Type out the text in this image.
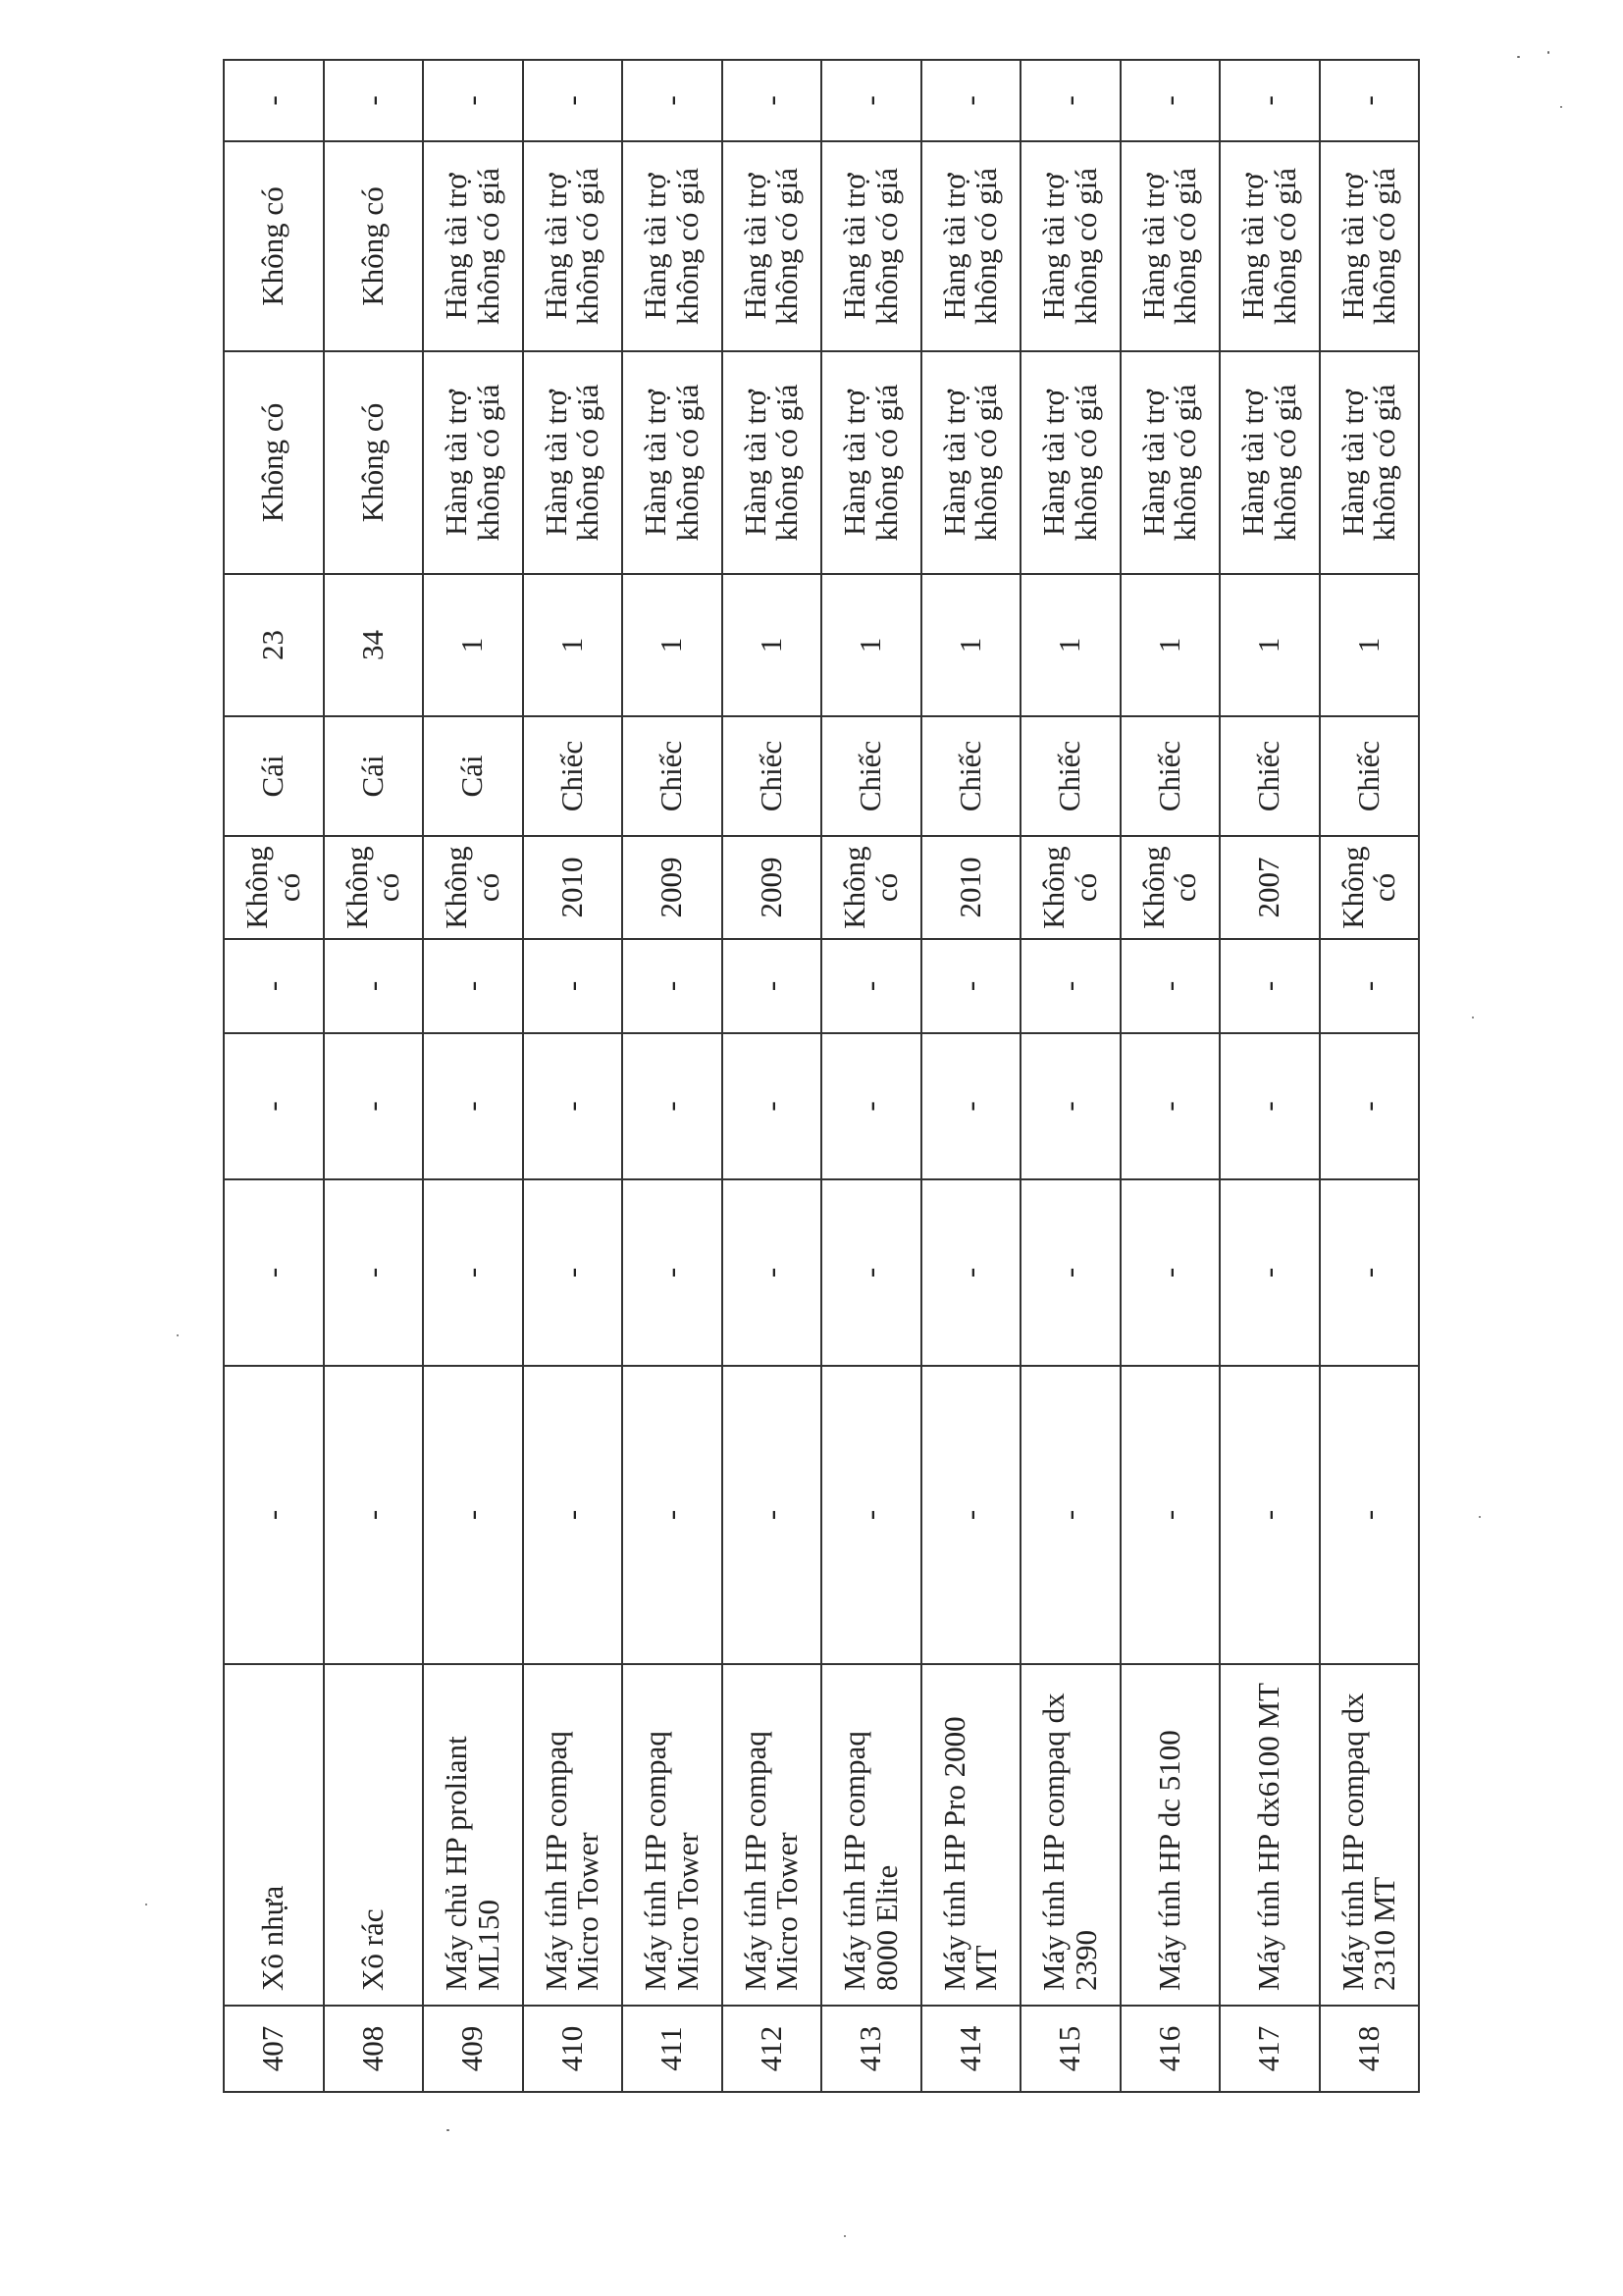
407	Xô nhựa	-	-	-	-	Không có	Cái	23	Không có	Không có	-
408	Xô rác	-	-	-	-	Không có	Cái	34	Không có	Không có	-
409	Máy chủ HP proliant ML150	-	-	-	-	Không có	Cái	1	Hàng tài trợ không có giá	Hàng tài trợ không có giá	-
410	Máy tính HP compaq Micro Tower	-	-	-	-	2010	Chiếc	1	Hàng tài trợ không có giá	Hàng tài trợ không có giá	-
411	Máy tính HP compaq Micro Tower	-	-	-	-	2009	Chiếc	1	Hàng tài trợ không có giá	Hàng tài trợ không có giá	-
412	Máy tính HP compaq Micro Tower	-	-	-	-	2009	Chiếc	1	Hàng tài trợ không có giá	Hàng tài trợ không có giá	-
413	Máy tính HP compaq 8000 Elite	-	-	-	-	Không có	Chiếc	1	Hàng tài trợ không có giá	Hàng tài trợ không có giá	-
414	Máy tính HP Pro 2000 MT	-	-	-	-	2010	Chiếc	1	Hàng tài trợ không có giá	Hàng tài trợ không có giá	-
415	Máy tính HP compaq dx 2390	-	-	-	-	Không có	Chiếc	1	Hàng tài trợ không có giá	Hàng tài trợ không có giá	-
416	Máy tính HP dc 5100	-	-	-	-	Không có	Chiếc	1	Hàng tài trợ không có giá	Hàng tài trợ không có giá	-
417	Máy tính HP dx6100 MT	-	-	-	-	2007	Chiếc	1	Hàng tài trợ không có giá	Hàng tài trợ không có giá	-
418	Máy tính HP compaq dx 2310 MT	-	-	-	-	Không có	Chiếc	1	Hàng tài trợ không có giá	Hàng tài trợ không có giá	-
